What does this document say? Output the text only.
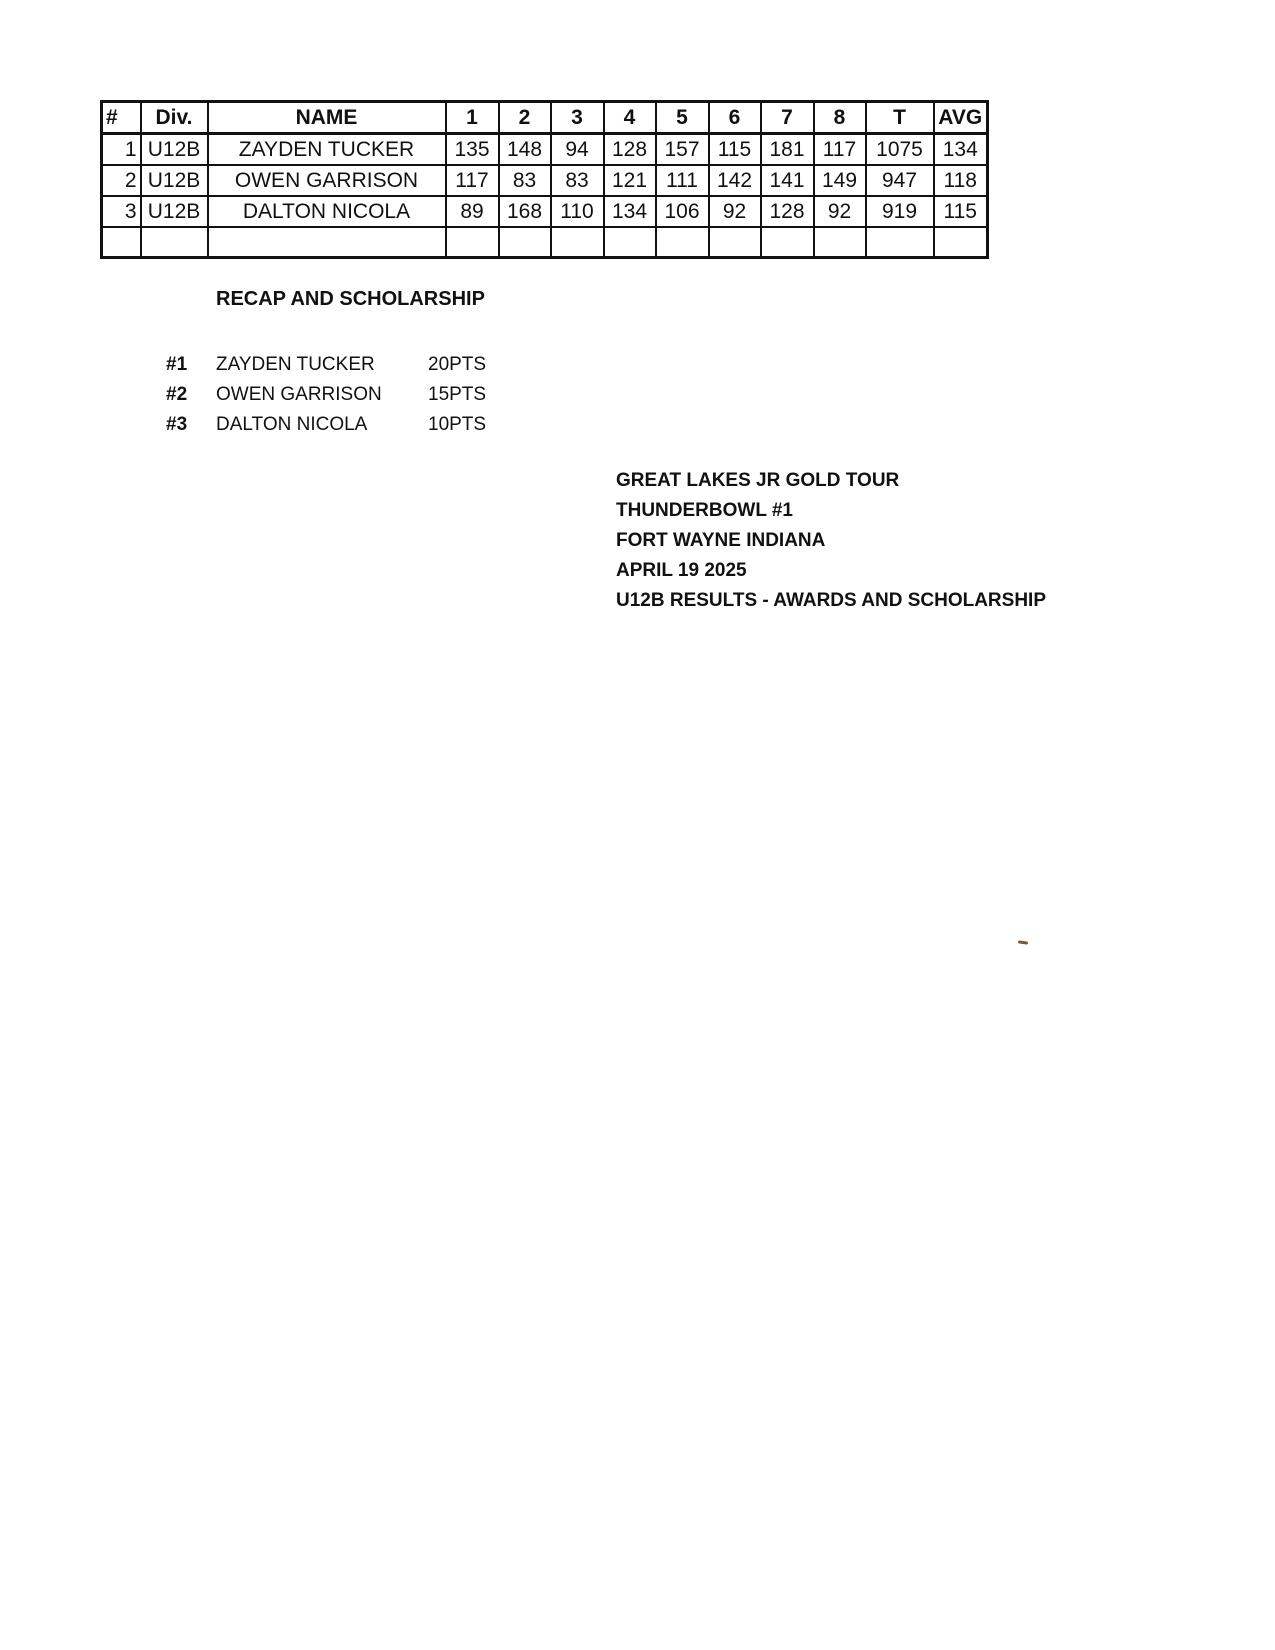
#	Div.	NAME	1	2	3	4	5	6	7	8	T	AVG
1	U12B	ZAYDEN TUCKER	135	148	94	128	157	115	181	117	1075	134
2	U12B	OWEN GARRISON	117	83	83	121	111	142	141	149	947	118
3	U12B	DALTON NICOLA	89	168	110	134	106	92	128	92	919	115

RECAP AND SCHOLARSHIP
#1 ZAYDEN TUCKER	20PTS
#2 OWEN GARRISON 15PTS
#3 DALTON NICOLA	10PTS
GREAT LAKES JR GOLD TOUR
THUNDERBOWL #1
FORT WAYNE INDIANA
APRIL 19 2025
U12B RESULTS - AWARDS AND SCHOLARSHIP
